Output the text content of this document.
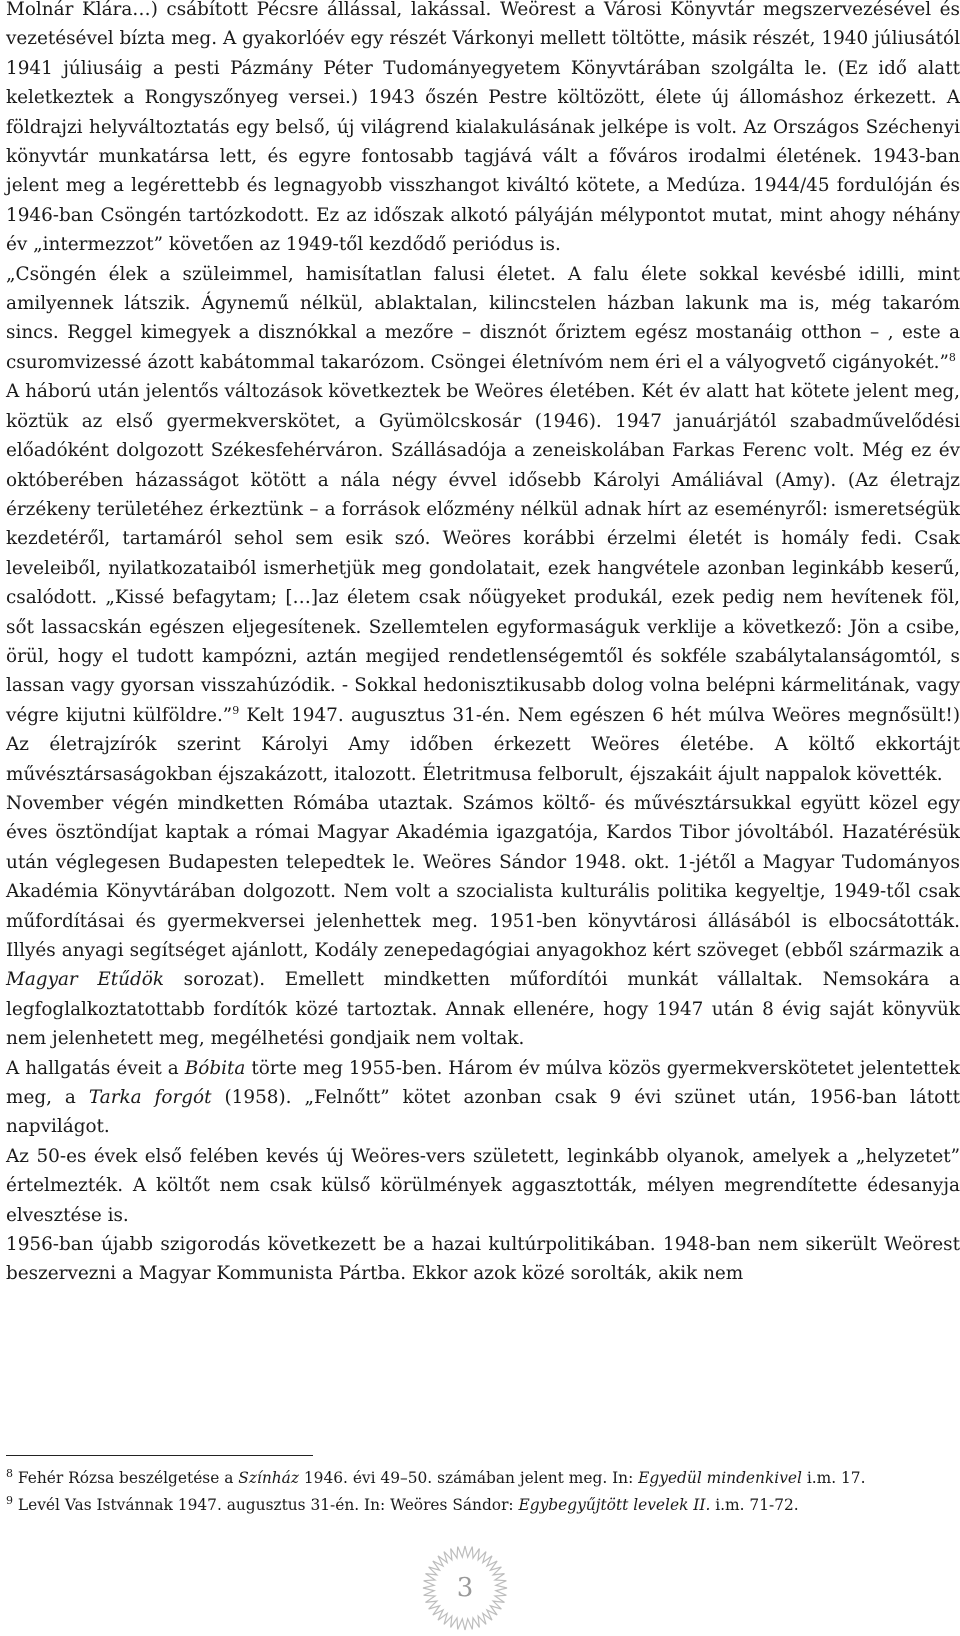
Molnár Klára…) csábított Pécsre állással, lakással. Weörest a Városi Könyvtár megszervezésével és vezetésével bízta meg. A gyakorlóév egy részét Várkonyi mellett töltötte, másik részét, 1940 júliusától 1941 júliusáig a pesti Pázmány Péter Tudományegyetem Könyvtárában szolgálta le. (Ez idő alatt keletkeztek a Rongyszőnyeg versei.) 1943 őszén Pestre költözött, élete új állomáshoz érkezett. A földrajzi helyváltoztatás egy belső, új világrend kialakulásának jelképe is volt. Az Országos Széchenyi könyvtár munkatársa lett, és egyre fontosabb tagjává vált a főváros irodalmi életének. 1943-ban jelent meg a legérettebb és legnagyobb visszhangot kiváltó kötete, a Medúza. 1944/45 fordulóján és 1946-ban Csöngén tartózkodott. Ez az időszak alkotó pályáján mélypontot mutat, mint ahogy néhány év „intermezzot” követően az 1949-től kezdődő periódus is.

„Csöngén élek a szüleimmel, hamisítatlan falusi életet. A falu élete sokkal kevésbé idilli, mint amilyennek látszik. Ágynemű nélkül, ablaktalan, kilincstelen házban lakunk ma is, még takaróm sincs. Reggel kimegyek a disznókkal a mezőre – disznót őriztem egész mostanáig otthon – , este a csuromvizessé ázott kabátommal takarózom. Csöngei életnívóm nem éri el a vályogvető cigányokét.”$^8$

A háború után jelentős változások következtek be Weöres életében. Két év alatt hat kötete jelent meg, köztük az első gyermekverskötet, a Gyümölcskosár (1946). 1947 januárjától szabadművelődési előadóként dolgozott Székesfehérváron. Szállásadója a zeneiskolában Farkas Ferenc volt. Még ez év októberében házasságot kötött a nála négy évvel idősebb Károlyi Amáliával (Amy). (Az életrajz érzékeny területéhez érkeztünk – a források előzmény nélkül adnak hírt az eseményről: ismeretségük kezdetéről, tartamáról sehol sem esik szó. Weöres korábbi érzelmi életét is homály fedi. Csak leveleiből, nyilatkozataiból ismerhetjük meg gondolatait, ezek hangvétele azonban leginkább keserű, csalódott. „Kissé befagytam; […]az életem csak nőügyeket produkál, ezek pedig nem hevítenek föl, sőt lassacskán egészen eljegesítenek. Szellemtelen egyformaságuk verklije a következő: Jön a csibe, örül, hogy el tudott kampózni, aztán megijed rendetlenségemtől és sokféle szabálytalanságomtól, s lassan vagy gyorsan visszahúzódik. - Sokkal hedonisztikusabb dolog volna belépni kármelitának, vagy végre kijutni külföldre.”$^9$ Kelt 1947. augusztus 31-én. Nem egészen 6 hét múlva Weöres megnősült!) Az életrajzírók szerint Károlyi Amy időben érkezett Weöres életébe. A költő ekkortájt művésztársaságokban éjszakázott, italozott. Életritmusa felborult, éjszakáit ájult nappalok követték.

November végén mindketten Rómába utaztak. Számos költő- és művésztársukkal együtt közel egy éves ösztöndíjat kaptak a római Magyar Akadémia igazgatója, Kardos Tibor jóvoltából. Hazatérésük után véglegesen Budapesten telepedtek le. Weöres Sándor 1948. okt. 1-jétől a Magyar Tudományos Akadémia Könyvtárában dolgozott. Nem volt a szocialista kulturális politika kegyeltje, 1949-től csak műfordításai és gyermekversei jelenhettek meg. 1951-ben könyvtárosi állásából is elbocsátották. Illyés anyagi segítséget ajánlott, Kodály zenepedagógiai anyagokhoz kért szöveget (ebből származik a Magyar Etűdök sorozat). Emellett mindketten műfordítói munkát vállaltak. Nemsokára a legfoglalkoztatottabb fordítók közé tartoztak. Annak ellenére, hogy 1947 után 8 évig saját könyvük nem jelenhetett meg, megélhetési gondjaik nem voltak.

A hallgatás éveit a Bóbita törte meg 1955-ben. Három év múlva közös gyermekverskötetet jelentettek meg, a Tarka forgót (1958). „Felnőtt” kötet azonban csak 9 évi szünet után, 1956-ban látott napvilágot.

Az 50-es évek első felében kevés új Weöres-vers született, leginkább olyanok, amelyek a „helyzetet” értelmezték. A költőt nem csak külső körülmények aggasztották, mélyen megrendítette édesanyja elvesztése is.

1956-ban újabb szigorodás következett be a hazai kultúrpolitikában. 1948-ban nem sikerült Weörest beszervezni a Magyar Kommunista Pártba. Ekkor azok közé sorolták, akik nem

$^8$ Fehér Rózsa beszélgetése a Színház 1946. évi 49–50. számában jelent meg. In: Egyedül mindenkivel i.m. 17.

$^9$ Levél Vas Istvánnak 1947. augusztus 31-én. In: Weöres Sándor: Egybegyűjtött levelek II. i.m. 71-72.

3
